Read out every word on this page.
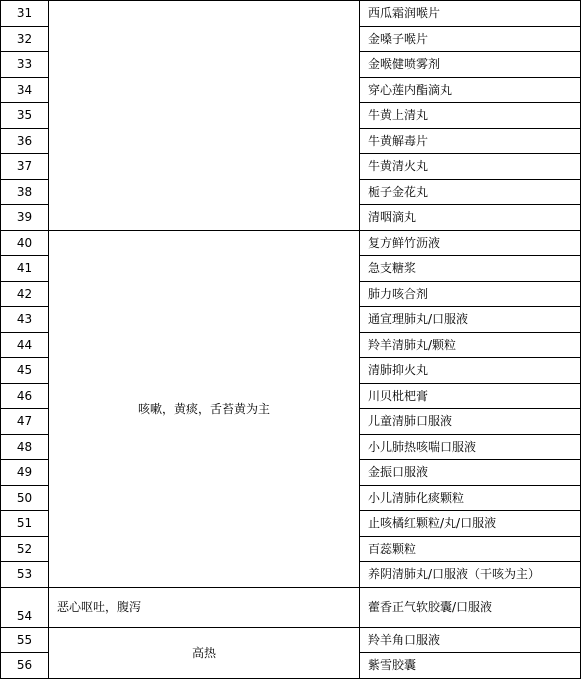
31		西瓜霜润喉片
32		金嗓子喉片
33		金喉健喷雾剂
34		穿心莲内酯滴丸
35		牛黄上清丸
36		牛黄解毒片
37		牛黄清火丸
38		栀子金花丸
39		清咽滴丸
40	咳嗽，黄痰，舌苔黄为主	复方鲜竹沥液
41		急支糖浆
42		肺力咳合剂
43		通宣理肺丸/口服液
44		羚羊清肺丸/颗粒
45		清肺抑火丸
46		川贝枇杷膏
47		儿童清肺口服液
48		小儿肺热咳喘口服液
49		金振口服液
50		小儿清肺化痰颗粒
51		止咳橘红颗粒/丸/口服液
52		百蕊颗粒
53		养阴清肺丸/口服液（干咳为主）
54	恶心呕吐，腹泻	藿香正气软胶囊/口服液
55	高热	羚羊角口服液
56		紫雪胶囊
